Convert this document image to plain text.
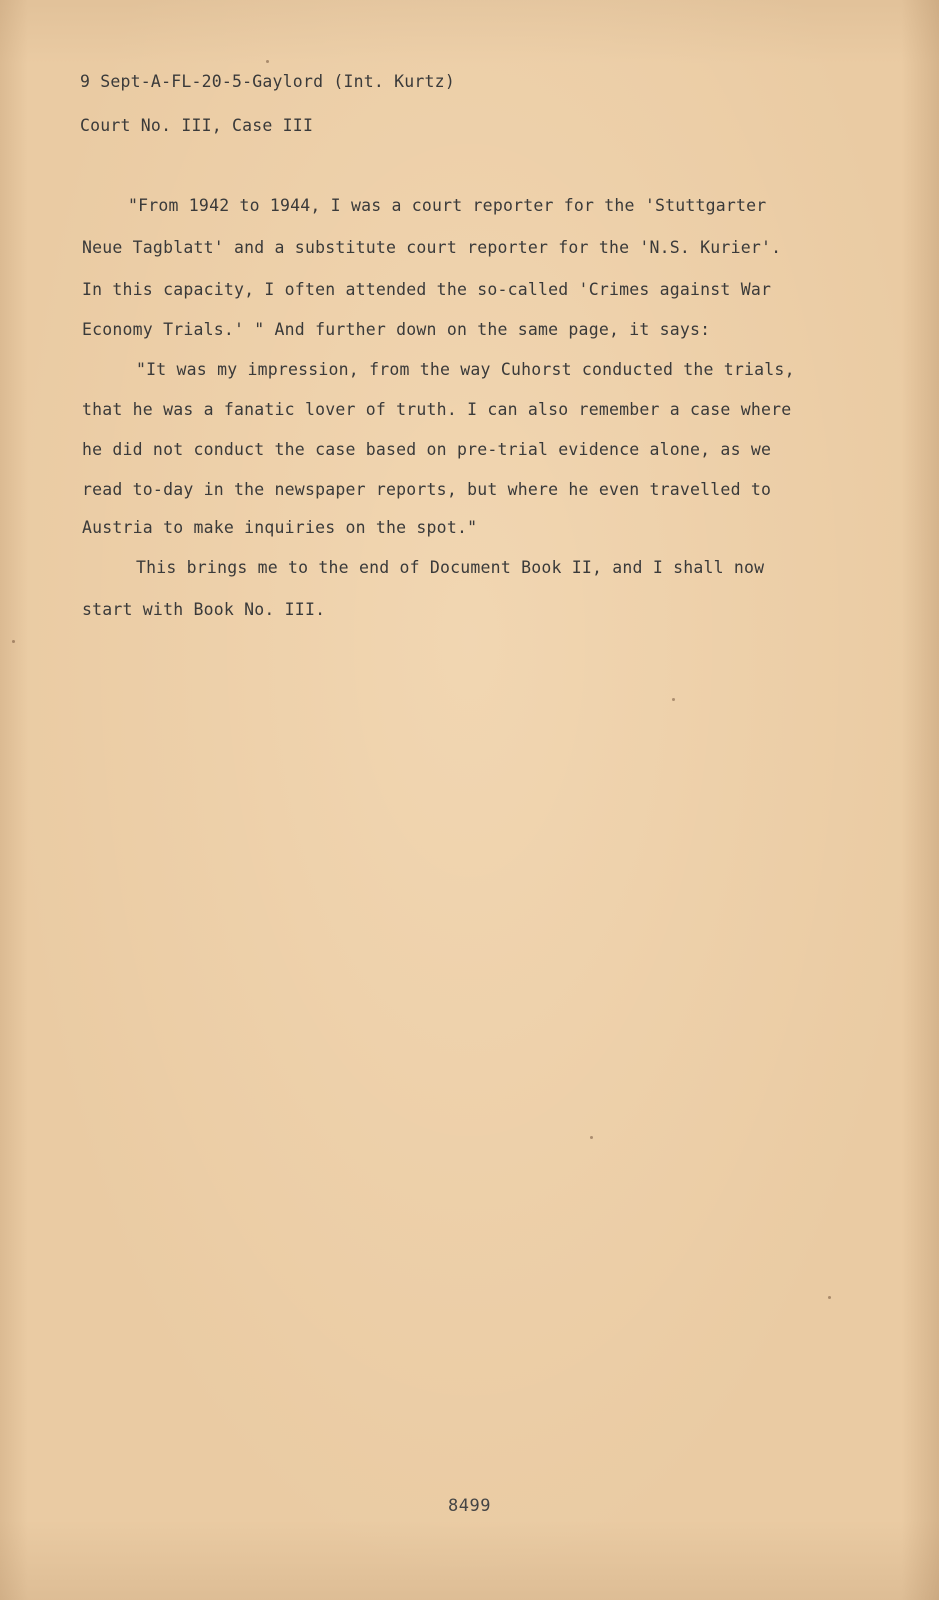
9 Sept-A-FL-20-5-Gaylord (Int. Kurtz)
Court No. III, Case III
"From 1942 to 1944, I was a court reporter for the 'Stuttgarter
Neue Tagblatt' and a substitute court reporter for the 'N.S. Kurier'.
In this capacity, I often attended the so-called 'Crimes against War
Economy Trials.' " And further down on the same page, it says:
"It was my impression, from the way Cuhorst conducted the trials,
that he was a fanatic lover of truth. I can also remember a case where
he did not conduct the case based on pre-trial evidence alone, as we
read to-day in the newspaper reports, but where he even travelled to
Austria to make inquiries on the spot."
This brings me to the end of Document Book II, and I shall now
start with Book No. III.
8499
